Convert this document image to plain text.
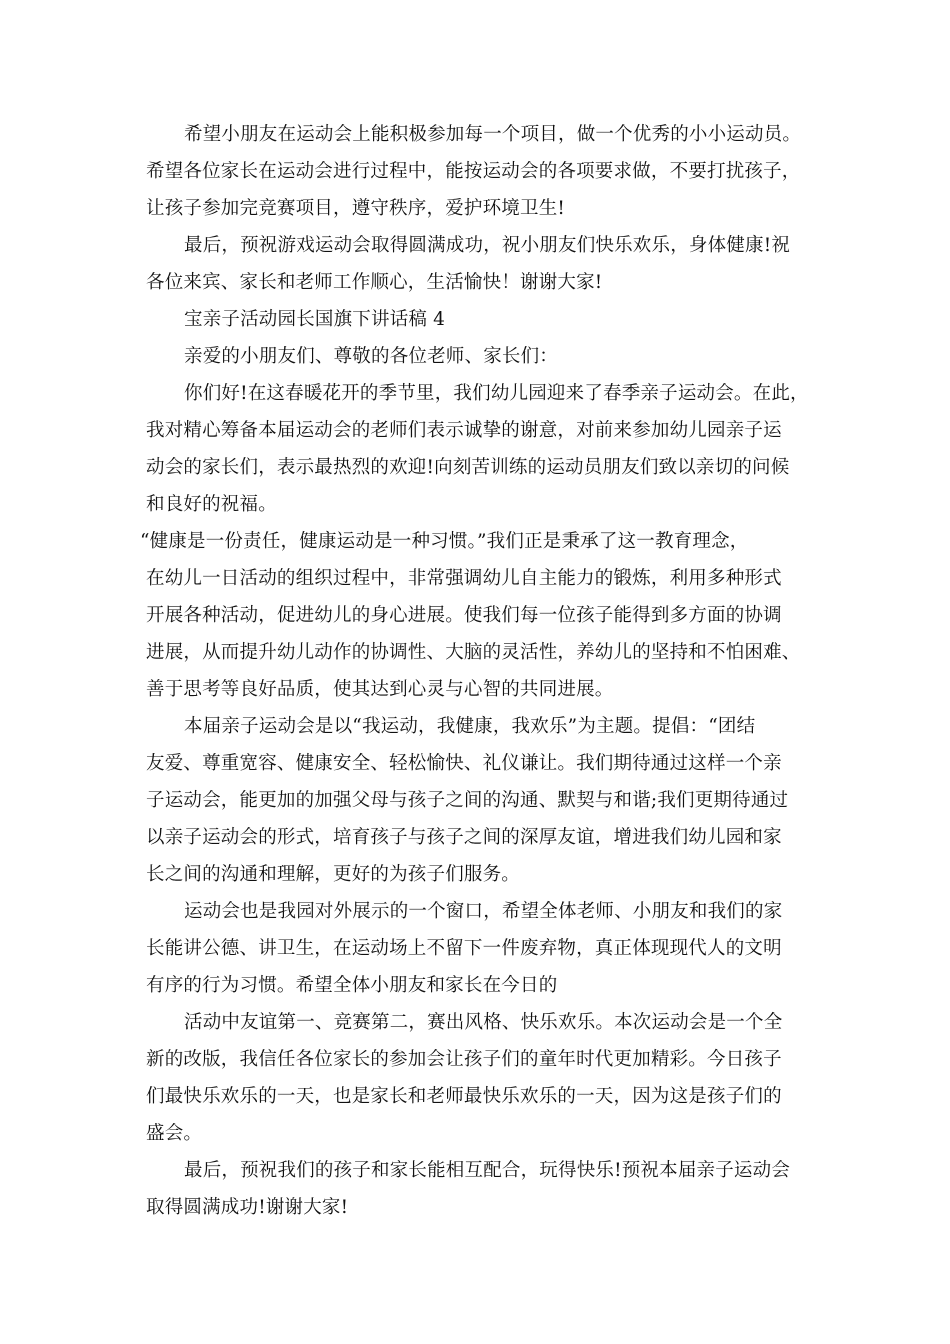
希望小朋友在运动会上能积极参加每一个项目，做一个优秀的小小运动员。
希望各位家长在运动会进行过程中，能按运动会的各项要求做，不要打扰孩子，
让孩子参加完竞赛项目，遵守秩序，爱护环境卫生!
最后，预祝游戏运动会取得圆满成功，祝小朋友们快乐欢乐，身体健康!祝
各位来宾、家长和老师工作顺心，生活愉快！谢谢大家!
宝亲子活动园长国旗下讲话稿 4
亲爱的小朋友们、尊敬的各位老师、家长们：
你们好!在这春暖花开的季节里，我们幼儿园迎来了春季亲子运动会。在此，
我对精心筹备本届运动会的老师们表示诚挚的谢意，对前来参加幼儿园亲子运
动会的家长们，表示最热烈的欢迎!向刻苦训练的运动员朋友们致以亲切的问候
和良好的祝福。
“健康是一份责任，健康运动是一种习惯。”我们正是秉承了这一教育理念，
在幼儿一日活动的组织过程中，非常强调幼儿自主能力的锻炼，利用多种形式
开展各种活动，促进幼儿的身心进展。使我们每一位孩子能得到多方面的协调
进展，从而提升幼儿动作的协调性、大脑的灵活性，养幼儿的坚持和不怕困难、
善于思考等良好品质，使其达到心灵与心智的共同进展。
本届亲子运动会是以“我运动，我健康，我欢乐”为主题。提倡：“团结
友爱、尊重宽容、健康安全、轻松愉快、礼仪谦让。我们期待通过这样一个亲
子运动会，能更加的加强父母与孩子之间的沟通、默契与和谐;我们更期待通过
以亲子运动会的形式，培育孩子与孩子之间的深厚友谊，增进我们幼儿园和家
长之间的沟通和理解，更好的为孩子们服务。
运动会也是我园对外展示的一个窗口，希望全体老师、小朋友和我们的家
长能讲公德、讲卫生，在运动场上不留下一件废弃物，真正体现现代人的文明
有序的行为习惯。希望全体小朋友和家长在今日的
活动中友谊第一、竞赛第二，赛出风格、快乐欢乐。本次运动会是一个全
新的改版，我信任各位家长的参加会让孩子们的童年时代更加精彩。今日孩子
们最快乐欢乐的一天，也是家长和老师最快乐欢乐的一天，因为这是孩子们的
盛会。
最后，预祝我们的孩子和家长能相互配合，玩得快乐!预祝本届亲子运动会
取得圆满成功!谢谢大家!
